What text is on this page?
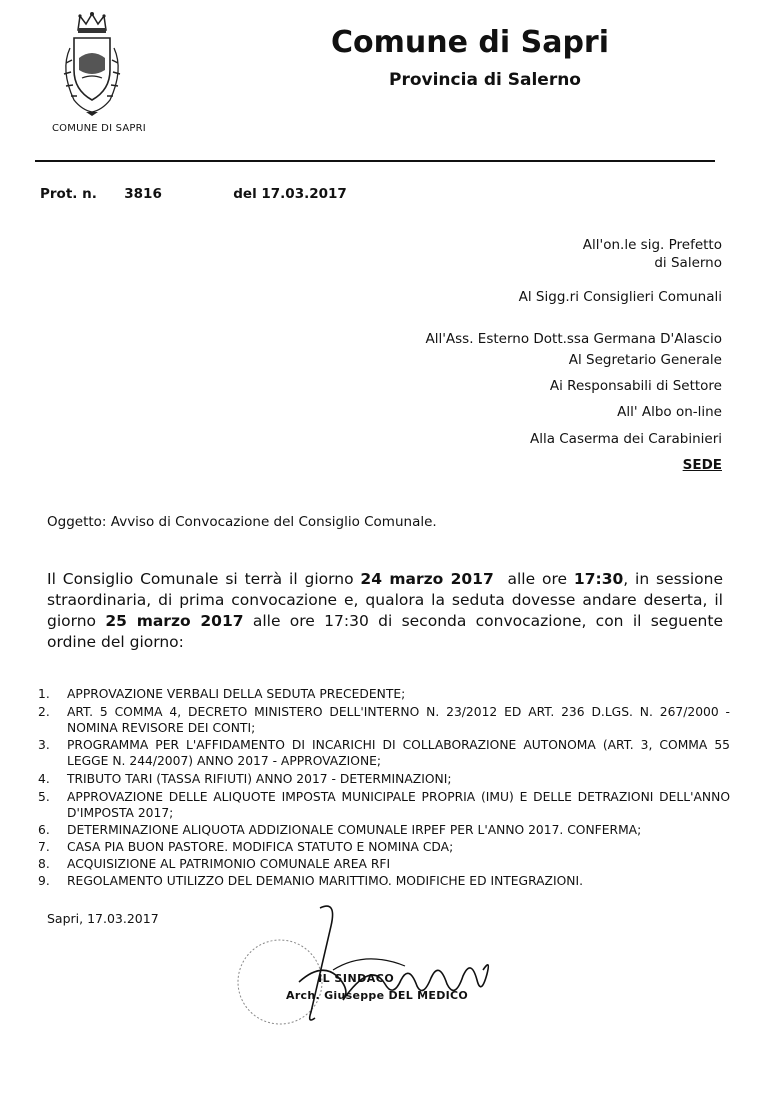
COMUNE DI SAPRI
Comune di Sapri
Provincia di Salerno
Prot. n. 3816	del 17.03.2017
All'on.le sig. Prefetto
di Salerno
Al Sigg.ri Consiglieri Comunali
All'Ass. Esterno Dott.ssa Germana D'Alascio
Al Segretario Generale
Ai Responsabili di Settore
All' Albo on-line
Alla Caserma dei Carabinieri
SEDE
Oggetto: Avviso di Convocazione del Consiglio Comunale.
Il Consiglio Comunale si terrà il giorno 24 marzo 2017  alle ore 17:30, in sessione straordinaria, di prima convocazione e, qualora la seduta dovesse andare deserta, il giorno 25 marzo 2017 alle ore 17:30 di seconda convocazione, con il seguente ordine del giorno:
1.	APPROVAZIONE VERBALI DELLA SEDUTA PRECEDENTE;
2.	ART. 5 COMMA 4, DECRETO MINISTERO DELL'INTERNO N. 23/2012 ED ART. 236 D.LGS. N. 267/2000 - NOMINA REVISORE DEI CONTI;
3.	PROGRAMMA PER L'AFFIDAMENTO DI INCARICHI DI COLLABORAZIONE AUTONOMA (ART. 3, COMMA 55 LEGGE N. 244/2007) ANNO 2017 - APPROVAZIONE;
4.	TRIBUTO TARI (TASSA RIFIUTI) ANNO 2017 - DETERMINAZIONI;
5.	APPROVAZIONE DELLE ALIQUOTE IMPOSTA MUNICIPALE PROPRIA (IMU) E DELLE DETRAZIONI DELL'ANNO D'IMPOSTA 2017;
6.	DETERMINAZIONE ALIQUOTA ADDIZIONALE COMUNALE IRPEF PER L'ANNO 2017. CONFERMA;
7.	CASA PIA BUON PASTORE. MODIFICA STATUTO E NOMINA CDA;
8.	ACQUISIZIONE AL PATRIMONIO COMUNALE AREA RFI
9.	REGOLAMENTO UTILIZZO DEL DEMANIO MARITTIMO. MODIFICHE ED INTEGRAZIONI.
Sapri, 17.03.2017
IL SINDACO
Arch. Giuseppe DEL MEDICO
